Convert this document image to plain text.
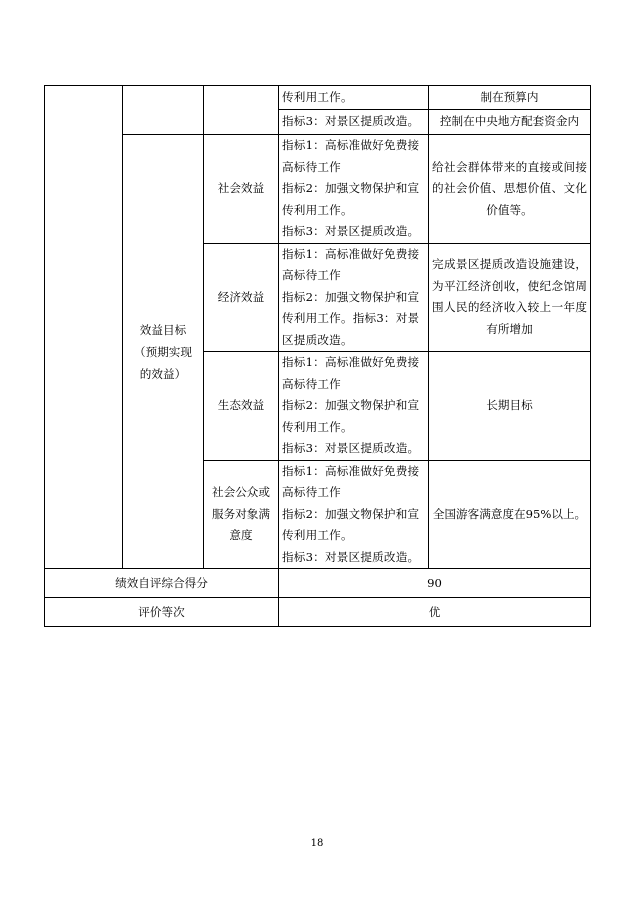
			传利用工作。	制在预算内
			指标3：对景区提质改造。	控制在中央地方配套资金内
	效益目标（预期实现的效益）	社会效益	指标1：高标准做好免费接高标待工作
指标2：加强文物保护和宣传利用工作。
指标3：对景区提质改造。	给社会群体带来的直接或间接的社会价值、思想价值、文化价值等。
		经济效益	指标1：高标准做好免费接高标待工作
指标2：加强文物保护和宣传利用工作。指标3：对景区提质改造。	完成景区提质改造设施建设，为平江经济创收，使纪念馆周围人民的经济收入较上一年度有所增加
		生态效益	指标1：高标准做好免费接高标待工作
指标2：加强文物保护和宣传利用工作。
指标3：对景区提质改造。	长期目标
		社会公众或服务对象满意度	指标1：高标准做好免费接高标待工作
指标2：加强文物保护和宣传利用工作。
指标3：对景区提质改造。	全国游客满意度在95%以上。
绩效自评综合得分			90	
评价等次			优	
18
